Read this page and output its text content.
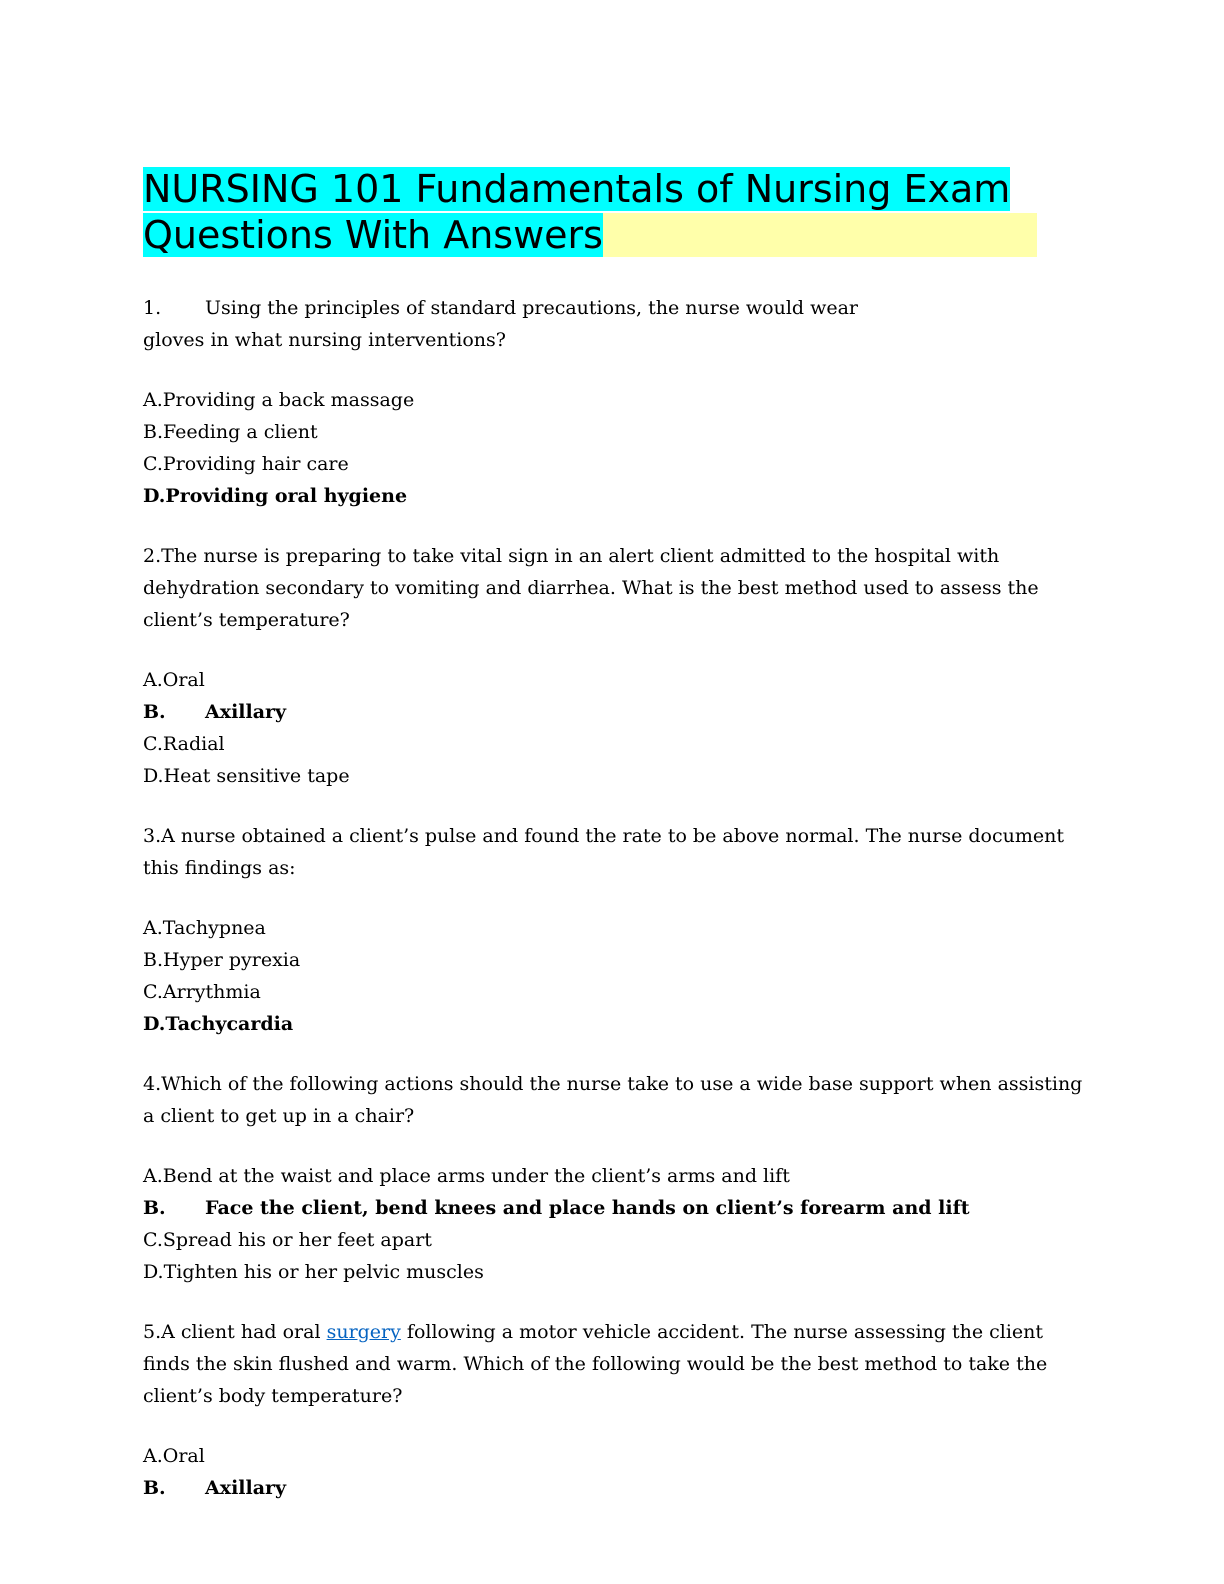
NURSING 101 Fundamentals of Nursing Exam
Questions With Answers
1. Using the principles of standard precautions, the nurse would wear
gloves in what nursing interventions?
A.Providing a back massage
B.Feeding a client
C.Providing hair care
D.Providing oral hygiene
2.The nurse is preparing to take vital sign in an alert client admitted to the hospital with dehydration secondary to vomiting and diarrhea. What is the best method used to assess the client’s temperature?
A.Oral
B. Axillary
C.Radial
D.Heat sensitive tape
3.A nurse obtained a client’s pulse and found the rate to be above normal. The nurse document this findings as:
A.Tachypnea
B.Hyper pyrexia
C.Arrythmia
D.Tachycardia
4.Which of the following actions should the nurse take to use a wide base support when assisting a client to get up in a chair?
A.Bend at the waist and place arms under the client’s arms and lift
B. Face the client, bend knees and place hands on client’s forearm and lift
C.Spread his or her feet apart
D.Tighten his or her pelvic muscles
5.A client had oral surgery following a motor vehicle accident. The nurse assessing the client finds the skin flushed and warm. Which of the following would be the best method to take the client’s body temperature?
A.Oral
B. Axillary
